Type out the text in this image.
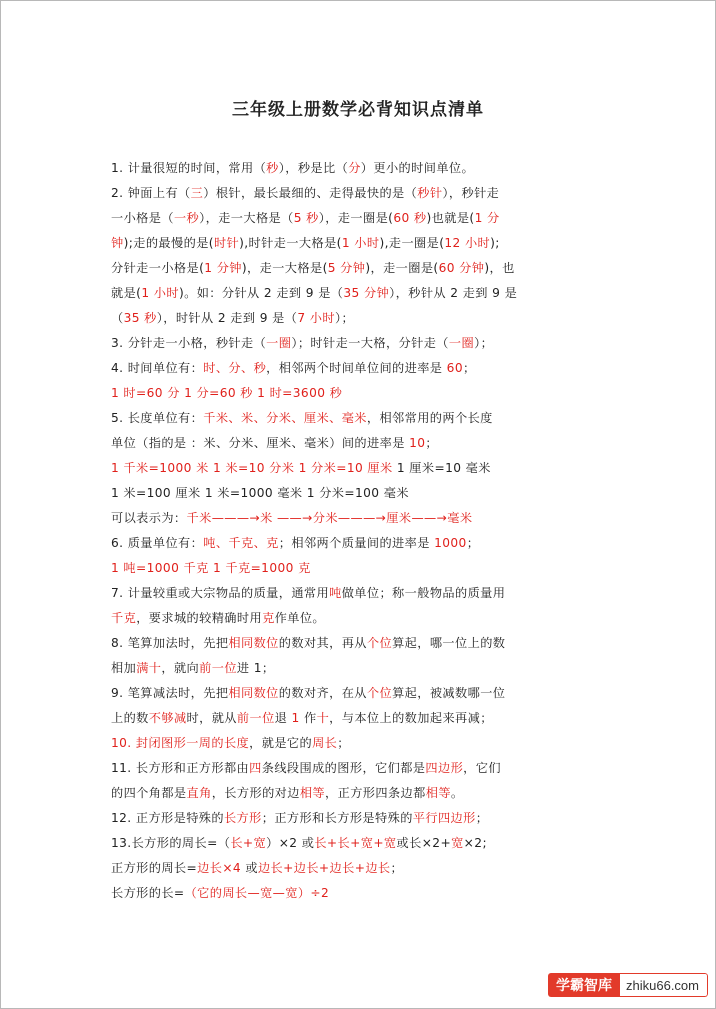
三年级上册数学必背知识点清单
1. 计量很短的时间，常用（秒），秒是比（分）更小的时间单位。
2. 钟面上有（三）根针，最长最细的、走得最快的是（秒针），秒针走
一小格是（一秒），走一大格是（5 秒），走一圈是(60 秒)也就是(1 分
钟);走的最慢的是(时针),时针走一大格是(1 小时),走一圈是(12 小时);
分针走一小格是(1 分钟)，走一大格是(5 分钟)，走一圈是(60 分钟)，也
就是(1 小时)。如：分针从 2 走到 9 是（35 分钟），秒针从 2 走到 9 是
（35 秒），时针从 2 走到 9 是（7 小时）；
3. 分针走一小格，秒针走（一圈）；时针走一大格，分针走（一圈）；
4. 时间单位有：时、分、秒，相邻两个时间单位间的进率是 60；
1 时=60 分 1 分=60 秒 1 时=3600 秒
5. 长度单位有：千米、米、分米、厘米、毫米，相邻常用的两个长度
单位（指的是 ：米、分米、厘米、毫米）间的进率是 10；
1 千米=1000 米 1 米=10 分米 1 分米=10 厘米 1 厘米=10 毫米
1 米=100 厘米 1 米=1000 毫米 1 分米=100 毫米
可以表示为：千米———→米 ——→分米———→厘米——→毫米
6. 质量单位有：吨、千克、克；相邻两个质量间的进率是 1000；
1 吨=1000 千克 1 千克=1000 克
7. 计量较重或大宗物品的质量，通常用吨做单位；称一般物品的质量用
千克，要求城的较精确时用克作单位。
8. 笔算加法时，先把相同数位的数对其，再从个位算起，哪一位上的数
相加满十，就向前一位进 1；
9. 笔算减法时，先把相同数位的数对齐，在从个位算起，被减数哪一位
上的数不够减时，就从前一位退 1 作十，与本位上的数加起来再减；
10. 封闭图形一周的长度，就是它的周长；
11. 长方形和正方形都由四条线段围成的图形，它们都是四边形，它们
的四个角都是直角，长方形的对边相等，正方形四条边都相等。
12. 正方形是特殊的长方形；正方形和长方形是特殊的平行四边形；
13.长方形的周长=（长+宽）×2 或长+长+宽+宽或长×2+宽×2;
正方形的周长=边长×4 或边长+边长+边长+边长；
长方形的长=（它的周长—宽—宽）÷2
学霸智库	zhiku66.com
